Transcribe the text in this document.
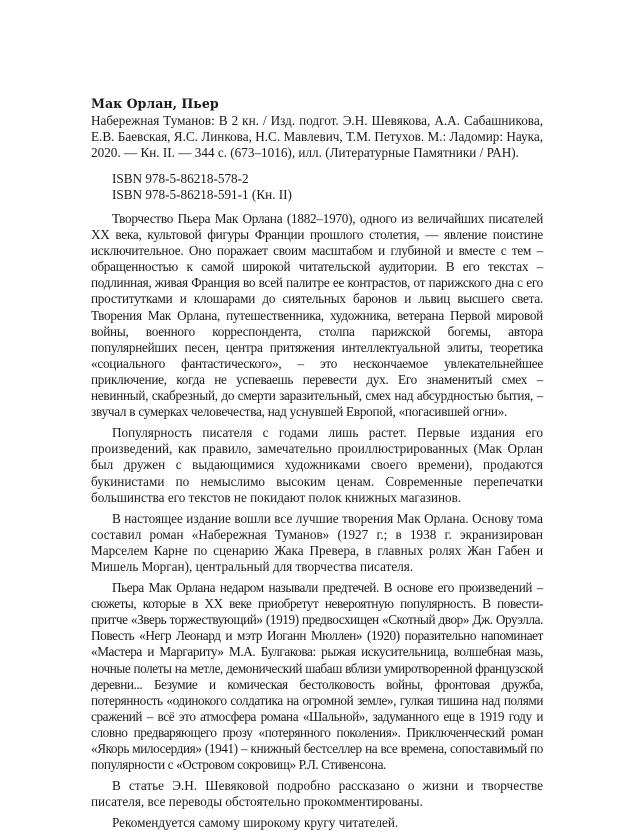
Мак Орлан, Пьер

Набережная Туманов: В 2 кн. / Изд. подгот. Э.Н. Шевякова, А.А. Сабашникова, Е.В. Баевская, Я.С. Линкова, Н.С. Мавлевич, Т.М. Петухов. М.: Ладомир: Наука, 2020. — Кн. II. — 344 с. (673–1016), илл. (Литературные Памятники / РАН).

ISBN 978-5-86218-578-2
ISBN 978-5-86218-591-1 (Кн. II)

Творчество Пьера Мак Орлана (1882–1970), одного из величайших писателей XX века, культовой фигуры Франции прошлого столетия, — явление поистине исключительное. Оно поражает своим масштабом и глубиной и вместе с тем – обращенностью к самой широкой читательской аудитории. В его текстах – подлинная, живая Франция во всей палитре ее контрастов, от парижского дна с его проститутками и клошарами до сиятельных баронов и львиц высшего света. Творения Мак Орлана, путешественника, художника, ветерана Первой мировой войны, военного корреспондента, столпа парижской богемы, автора популярнейших песен, центра притяжения интеллектуальной элиты, теоретика «социального фантастического», – это нескончаемое увлекательнейшее приключение, когда не успеваешь перевести дух. Его знаменитый смех – невинный, скабрезный, до смерти заразительный, смех над абсурдностью бытия, – звучал в сумерках человечества, над уснувшей Европой, «погасившей огни».

Популярность писателя с годами лишь растет. Первые издания его произведений, как правило, замечательно проиллюстрированных (Мак Орлан был дружен с выдающимися художниками своего времени), продаются букинистами по немыслимо высоким ценам. Современные перепечатки большинства его текстов не покидают полок книжных магазинов.

В настоящее издание вошли все лучшие творения Мак Орлана. Основу тома составил роман «Набережная Туманов» (1927 г.; в 1938 г. экранизирован Марселем Карне по сценарию Жака Превера, в главных ролях Жан Габен и Мишель Морган), центральный для творчества писателя.

Пьера Мак Орлана недаром называли предтечей. В основе его произведений – сюжеты, которые в XX веке приобретут невероятную популярность. В повести-притче «Зверь торжествующий» (1919) предвосхищен «Скотный двор» Дж. Оруэлла. Повесть «Негр Леонард и мэтр Иоганн Мюллен» (1920) поразительно напоминает «Мастера и Маргариту» М.А. Булгакова: рыжая искусительница, волшебная мазь, ночные полеты на метле, демонический шабаш вблизи умиротворенной французской деревни... Безумие и комическая бестолковость войны, фронтовая дружба, потерянность «одинокого солдатика на огромной земле», гулкая тишина над полями сражений – всё это атмосфера романа «Шальной», задуманного еще в 1919 году и словно предваряющего прозу «потерянного поколения». Приключенческий роман «Якорь милосердия» (1941) – книжный бестселлер на все времена, сопоставимый по популярности с «Островом сокровищ» Р.Л. Стивенсона.

В статье Э.Н. Шевяковой подробно рассказано о жизни и творчестве писателя, все переводы обстоятельно прокомментированы.

Рекомендуется самому широкому кругу читателей.
